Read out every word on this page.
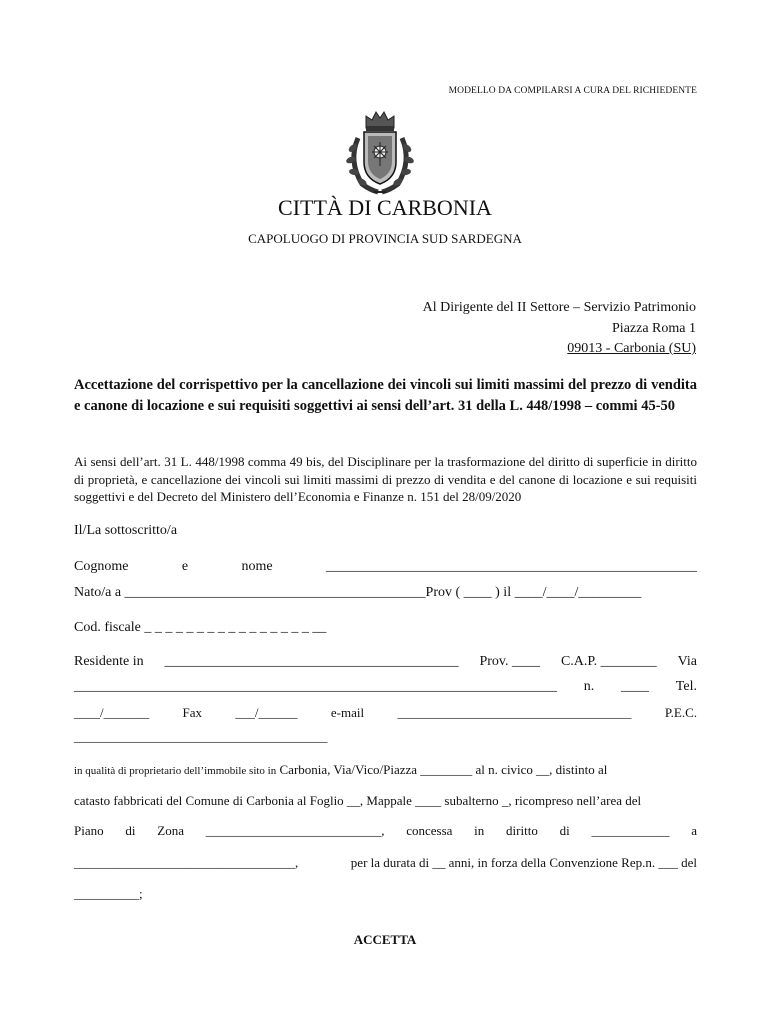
MODELLO DA COMPILARSI A CURA DEL RICHIEDENTE
CITTÀ DI CARBONIA
CAPOLUOGO DI PROVINCIA SUD SARDEGNA
Al Dirigente del II Settore – Servizio Patrimonio
Piazza Roma 1
09013 - Carbonia (SU)
Accettazione del corrispettivo per la cancellazione dei vincoli sui limiti massimi del prezzo di vendita e canone di locazione e sui requisiti soggettivi ai sensi dell’art. 31 della L. 448/1998 – commi 45-50
Ai sensi dell’art. 31 L. 448/1998 comma 49 bis, del Disciplinare per la trasformazione del diritto di superficie in diritto di proprietà, e cancellazione dei vincoli sui limiti massimi di prezzo di vendita e del canone di locazione e sui requisiti soggettivi e del Decreto del Ministero dell’Economia e Finanze n. 151 del 28/09/2020
Il/La sottoscritto/a
Cognome	e	nome	_____________________________________________________
Nato/a a ___________________________________________Prov ( ____ ) il ____/____/_________
Cod. fiscale _ _ _ _ _ _ _ _ _ _ _ _ _ _ _ _ __
Residente in __________________________________________ Prov. ____ C.A.P. ________ Via
_____________________________________________________________________ n. ____ Tel.
____/_______	Fax	___/______	e-mail	____________________________________	P.E.C.
_______________________________________
in qualità di proprietario dell’immobile sito in Carbonia, Via/Vico/Piazza ________ al n. civico __, distinto al
catasto fabbricati del Comune di Carbonia al Foglio __, Mappale ____ subalterno _, ricompreso nell’area del
Piano di Zona ___________________________, concessa in diritto di ____________ a
__________________________________,	per la durata di __ anni, in forza della Convenzione Rep.n. ___ del
__________;
ACCETTA
